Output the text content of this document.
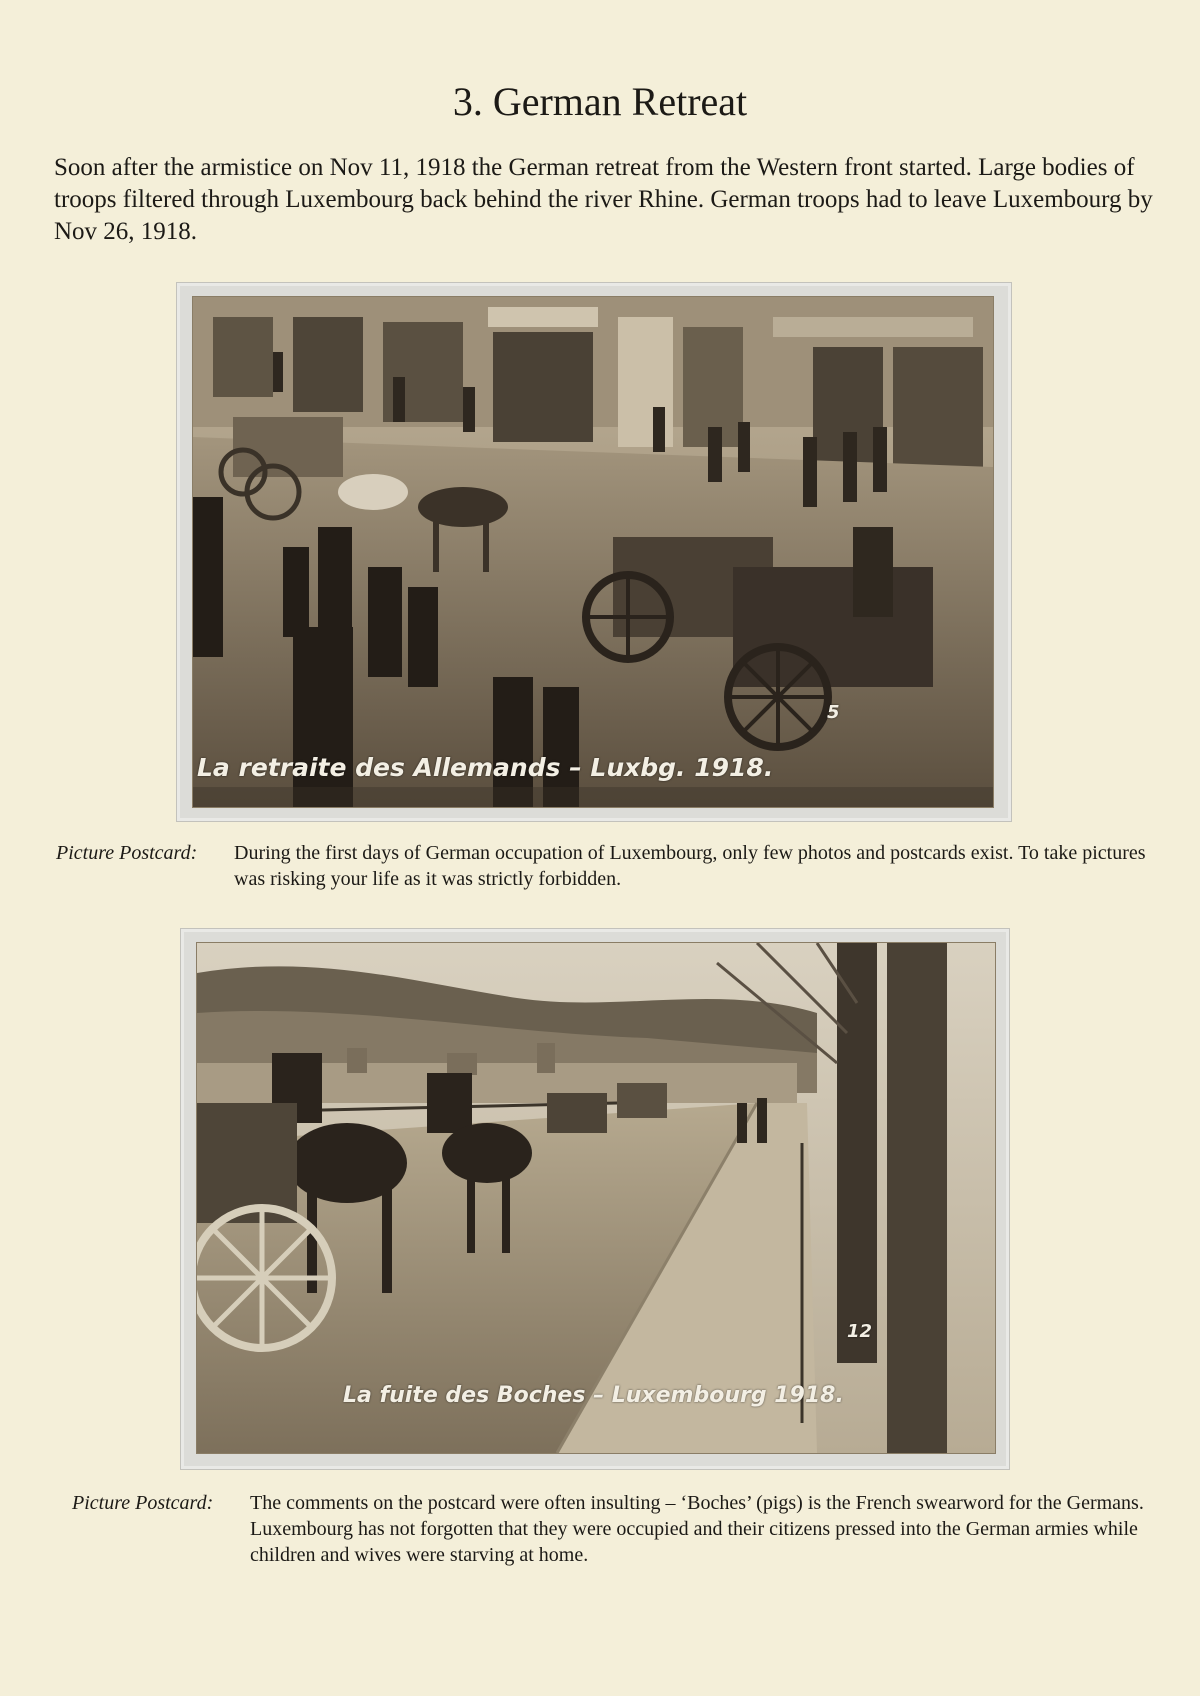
3. German Retreat
Soon after the armistice on Nov 11, 1918 the German retreat from the Western front started. Large bodies of troops filtered through Luxembourg back behind the river Rhine. German troops had to leave Luxembourg by Nov 26, 1918.
La retraite des Allemands – Luxbg. 1918.
5
Picture Postcard: During the first days of German occupation of Luxembourg, only few photos and postcards exist. To take pictures was risking your life as it was strictly forbidden.
La fuite des Boches – Luxembourg 1918.
12
Picture Postcard: The comments on the postcard were often insulting – ‘Boches’ (pigs) is the French swearword for the Germans. Luxembourg has not forgotten that they were occupied and their citizens pressed into the German armies while children and wives were starving at home.
